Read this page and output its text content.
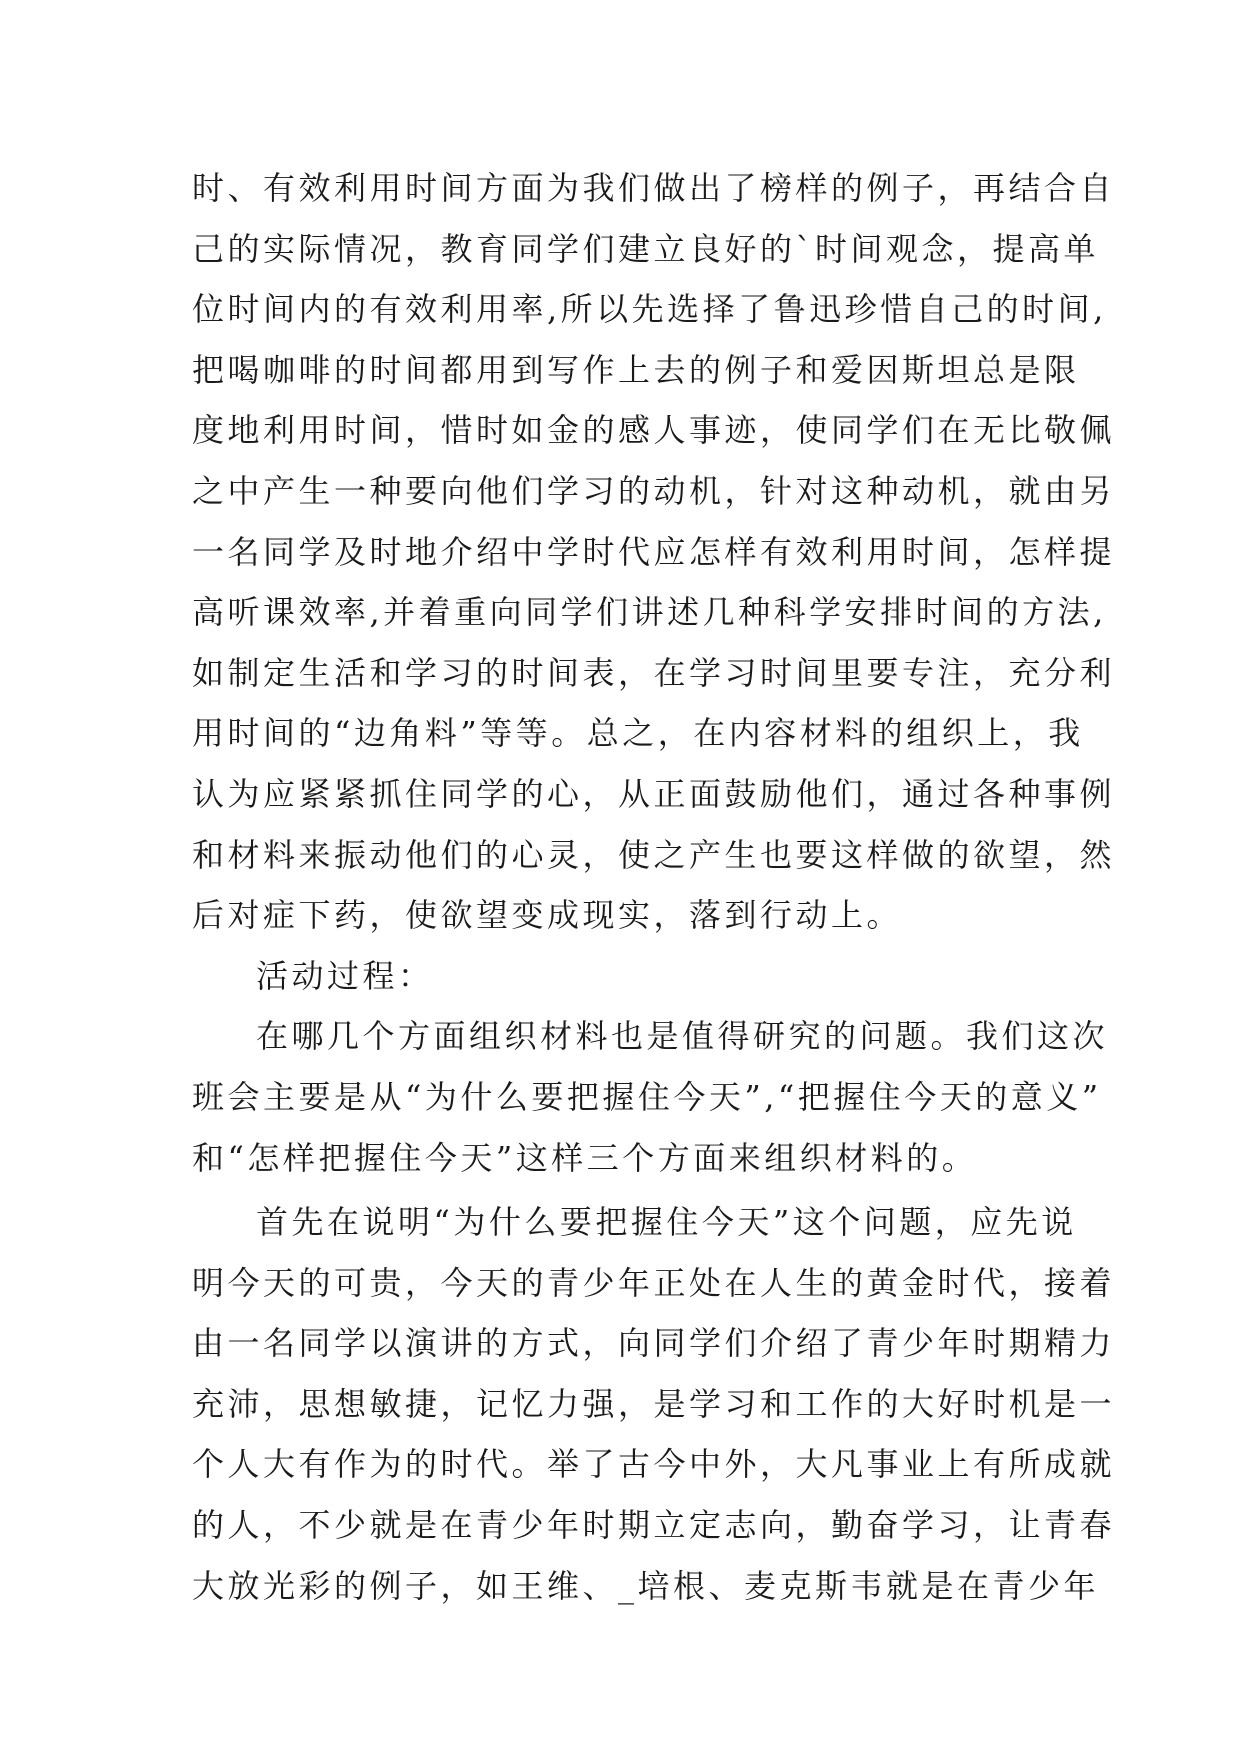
时、有效利用时间方面为我们做出了榜样的例子，再结合自
己的实际情况，教育同学们建立良好的`时间观念，提高单
位时间内的有效利用率,所以先选择了鲁迅珍惜自己的时间,
把喝咖啡的时间都用到写作上去的例子和爱因斯坦总是限
度地利用时间，惜时如金的感人事迹，使同学们在无比敬佩
之中产生一种要向他们学习的动机，针对这种动机，就由另
一名同学及时地介绍中学时代应怎样有效利用时间，怎样提
高听课效率,并着重向同学们讲述几种科学安排时间的方法,
如制定生活和学习的时间表，在学习时间里要专注，充分利
用时间的“边角料”等等。总之，在内容材料的组织上，我
认为应紧紧抓住同学的心，从正面鼓励他们，通过各种事例
和材料来振动他们的心灵，使之产生也要这样做的欲望，然
后对症下药，使欲望变成现实，落到行动上。
活动过程：
在哪几个方面组织材料也是值得研究的问题。我们这次
班会主要是从“为什么要把握住今天”,“把握住今天的意义”
和“怎样把握住今天”这样三个方面来组织材料的。
首先在说明“为什么要把握住今天”这个问题，应先说
明今天的可贵，今天的青少年正处在人生的黄金时代，接着
由一名同学以演讲的方式，向同学们介绍了青少年时期精力
充沛，思想敏捷，记忆力强，是学习和工作的大好时机是一
个人大有作为的时代。举了古今中外，大凡事业上有所成就
的人，不少就是在青少年时期立定志向，勤奋学习，让青春
大放光彩的例子，如王维、_培根、麦克斯韦就是在青少年
